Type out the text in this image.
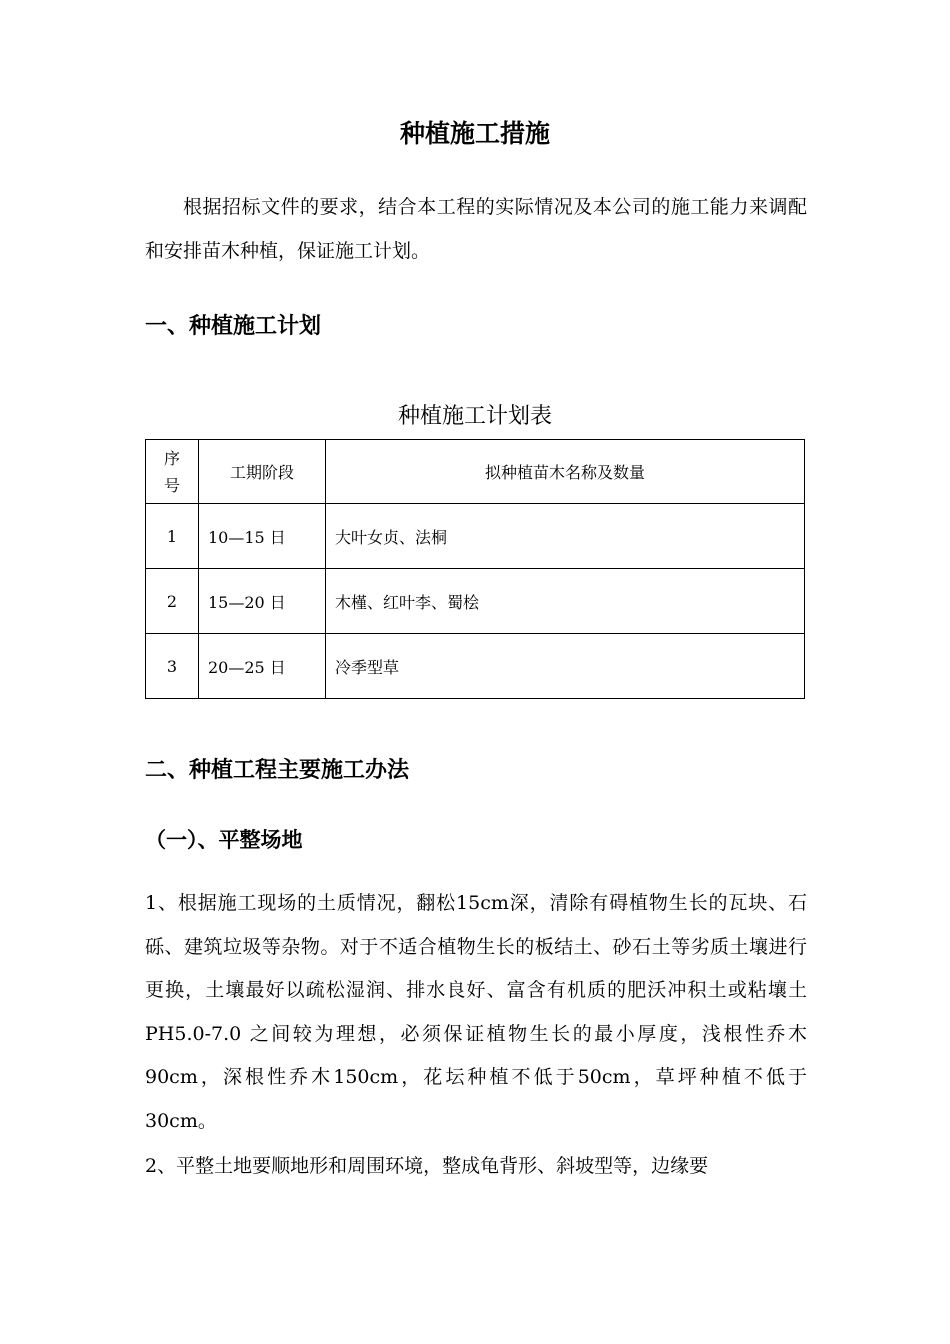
种植施工措施

根据招标文件的要求，结合本工程的实际情况及本公司的施工能力来调配和安排苗木种植，保证施工计划。

一、种植施工计划
种植施工计划表
序
号	工期阶段	拟种植苗木名称及数量
1	10—15 日	大叶女贞、法桐
2	15—20 日	木槿、红叶李、蜀桧
3	20—25 日	冷季型草
二、种植工程主要施工办法
（一）、平整场地

1、根据施工现场的土质情况，翻松15cm深，清除有碍植物生长的瓦块、石砾、建筑垃圾等杂物。对于不适合植物生长的板结土、砂石土等劣质土壤进行更换，土壤最好以疏松湿润、排水良好、富含有机质的肥沃冲积土或粘壤土 PH5.0-7.0 之间较为理想，必须保证植物生长的最小厚度，浅根性乔木90cm，深根性乔木150cm，花坛种植不低于50cm，草坪种植不低于 30cm。

2、平整土地要顺地形和周围环境，整成龟背形、斜坡型等，边缘要
